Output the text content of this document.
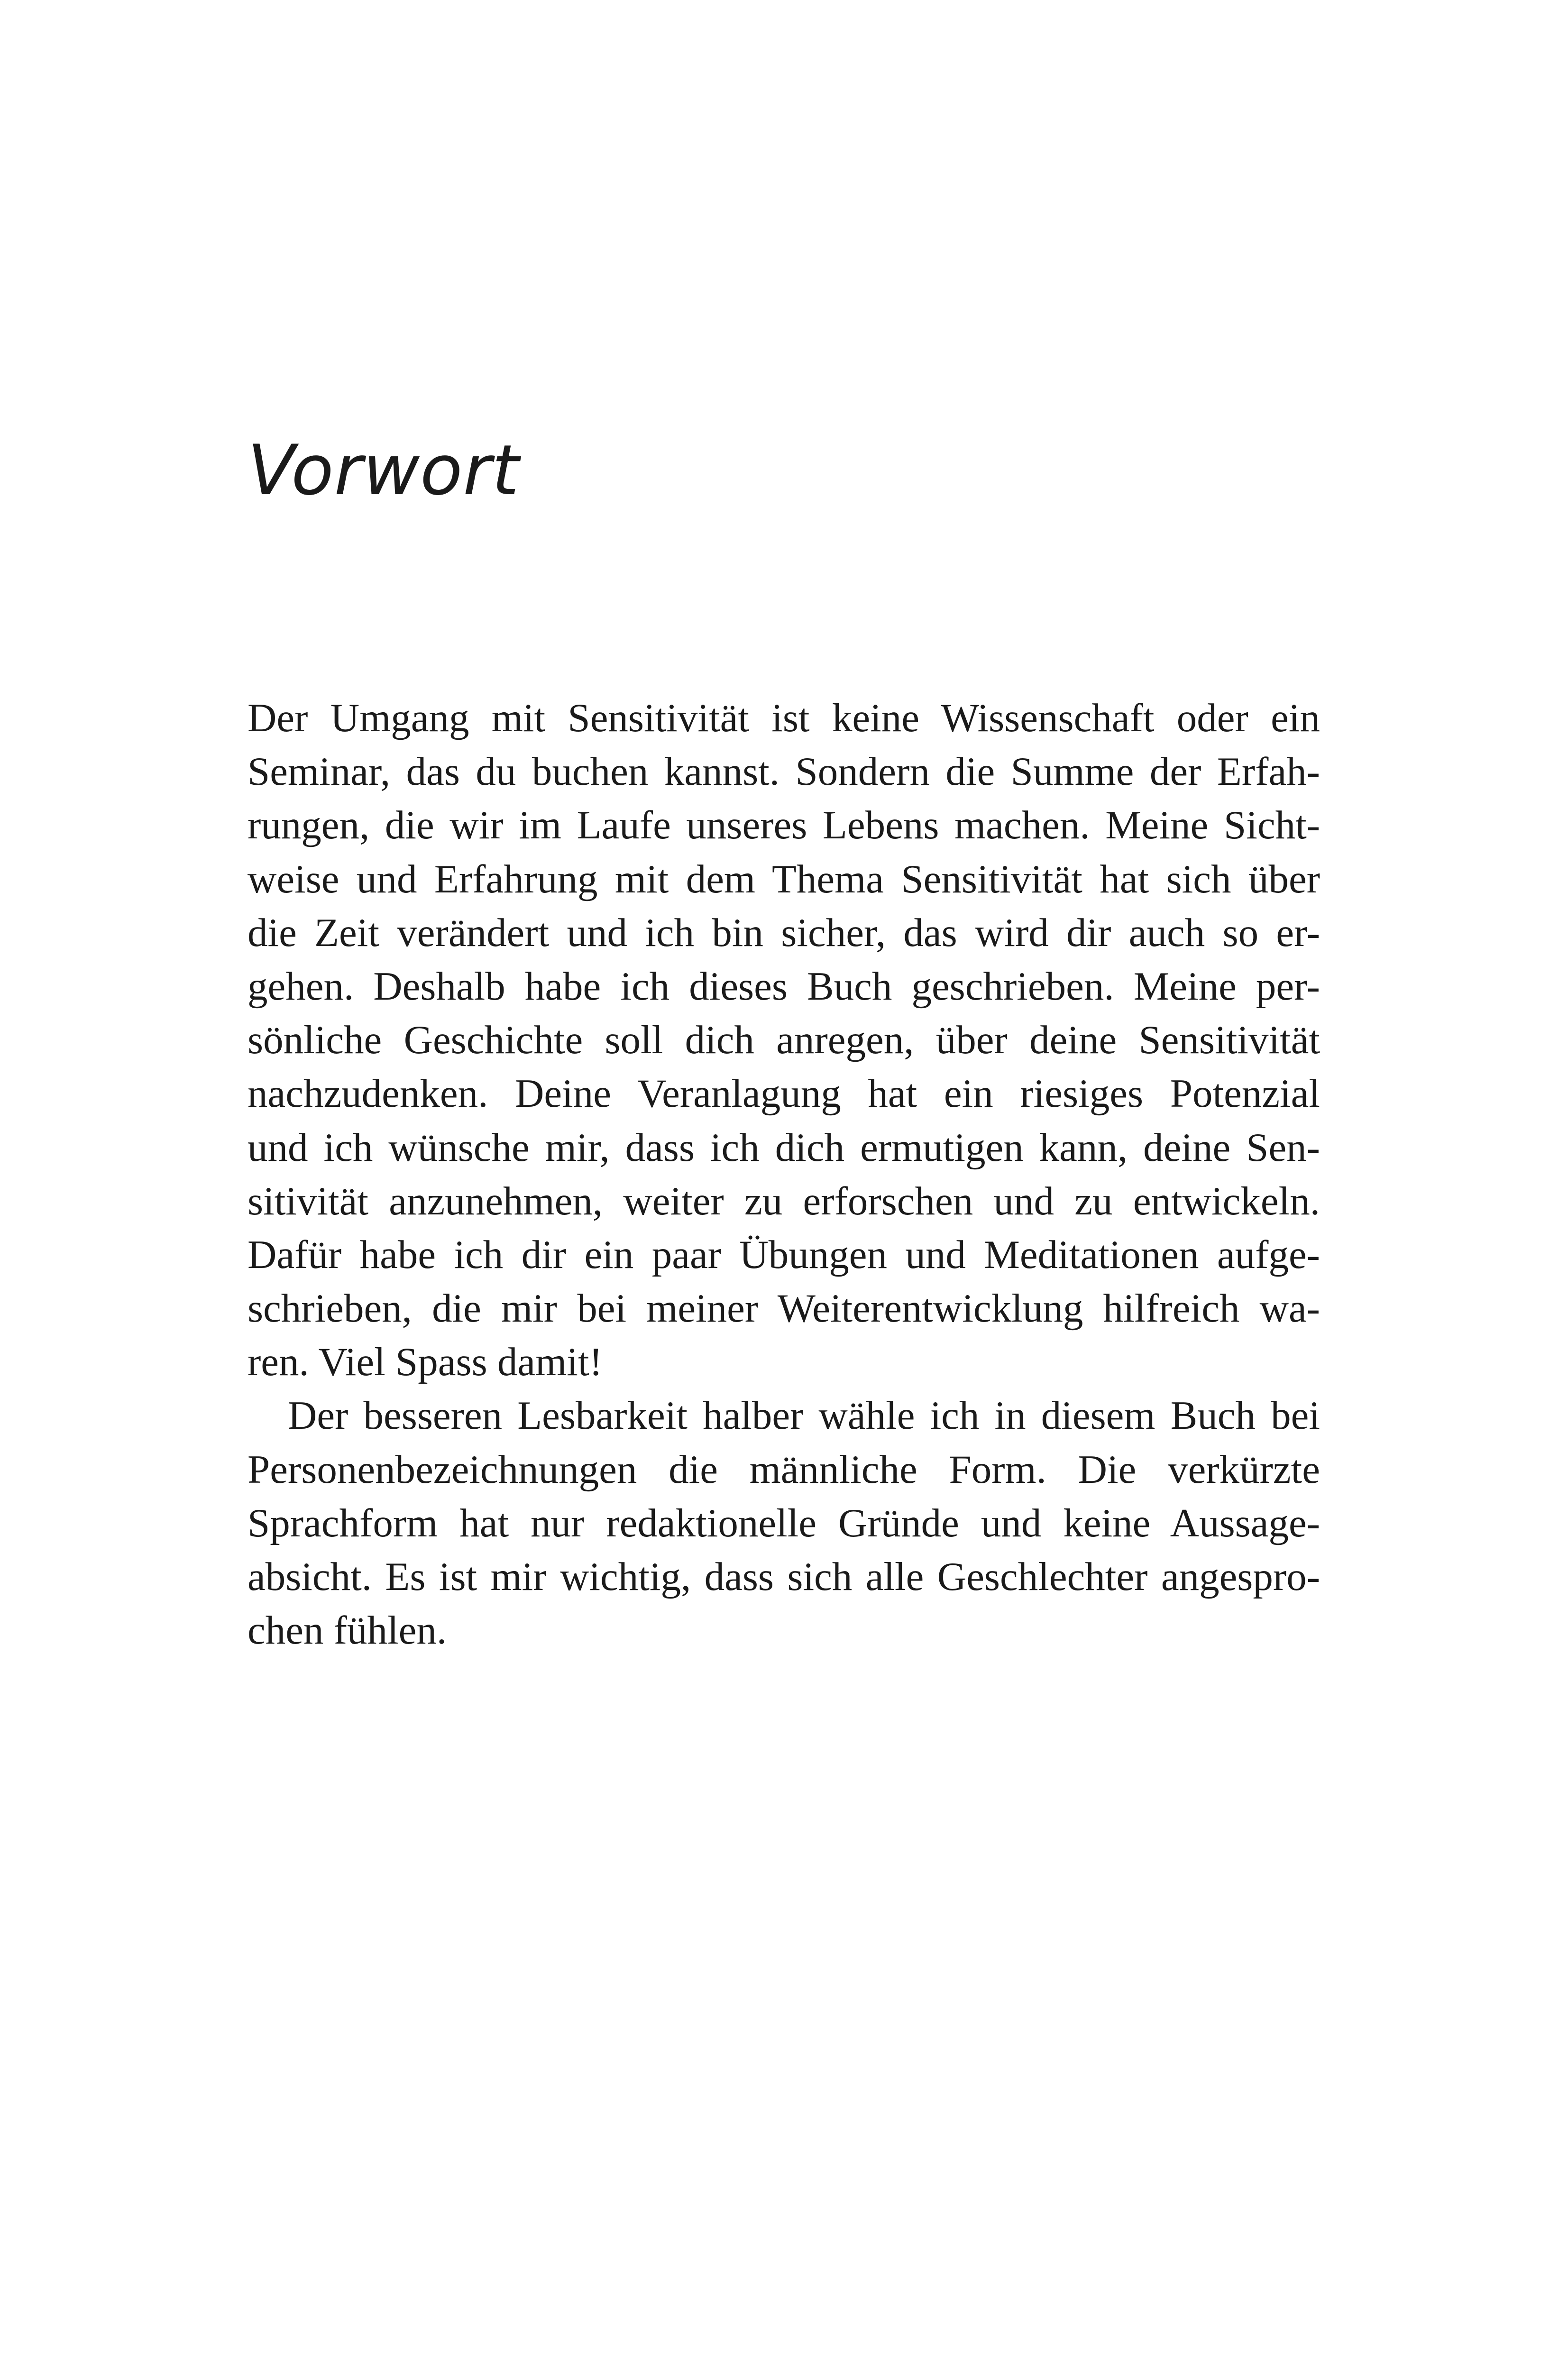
Vorwort
Der Umgang mit Sensitivität ist keine Wissenschaft oder ein
Seminar, das du buchen kannst. Sondern die Summe der Erfah-
rungen, die wir im Laufe unseres Lebens machen. Meine Sicht-
weise und Erfahrung mit dem Thema Sensitivität hat sich über
die Zeit verändert und ich bin sicher, das wird dir auch so er-
gehen. Deshalb habe ich dieses Buch geschrieben. Meine per-
sönliche Geschichte soll dich anregen, über deine Sensitivität
nachzudenken. Deine Veranlagung hat ein riesiges Potenzial
und ich wünsche mir, dass ich dich ermutigen kann, deine Sen-
sitivität anzunehmen, weiter zu erforschen und zu entwickeln.
Dafür habe ich dir ein paar Übungen und Meditationen aufge-
schrieben, die mir bei meiner Weiterentwicklung hilfreich wa-
ren. Viel Spass damit!
Der besseren Lesbarkeit halber wähle ich in diesem Buch bei
Personenbezeichnungen die männliche Form. Die verkürzte
Sprachform hat nur redaktionelle Gründe und keine Aussage-
absicht. Es ist mir wichtig, dass sich alle Geschlechter angespro-
chen fühlen.
